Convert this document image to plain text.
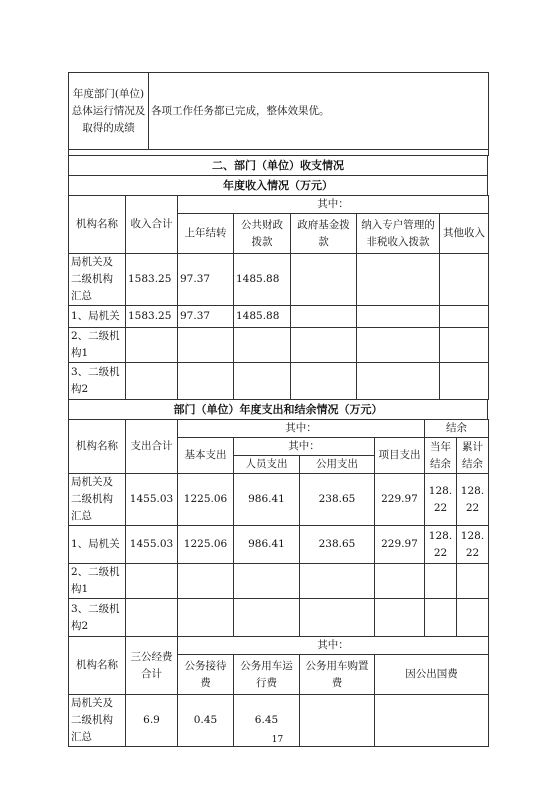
年度部门(单位)
总体运行情况及
取得的成绩
	各项工作任务都已完成，整体效果优。

二、部门（单位）收支情况
年度收入情况（万元）
机构名称	收入合计	其中：				
		上年结转	公共财政拨款	政府基金拨款	纳入专户管理的非税收入拨款	其他收入
局机关及二级机构汇总	1583.25	97.37	1485.88			
1、局机关	1583.25	97.37	1485.88			
2、二级机构1						
3、二级机构2						
部门（单位）年度支出和结余情况（万元）
机构名称	支出合计	其中：				结余	
		基本支出	其中：		项目支出	当年结余	累计结余
			人员支出	公用支出			
局机关及二级机构汇总	1455.03	1225.06	986.41	238.65	229.97	128.22	128.22
1、局机关	1455.03	1225.06	986.41	238.65	229.97	128.22	128.22
2、二级机构1							
3、二级机构2							
机构名称	三公经费合计	其中：			
		公务接待费	公务用车运行费	公务用车购置费	因公出国费
局机关及二级机构汇总	6.9	0.45	6.45		
17
